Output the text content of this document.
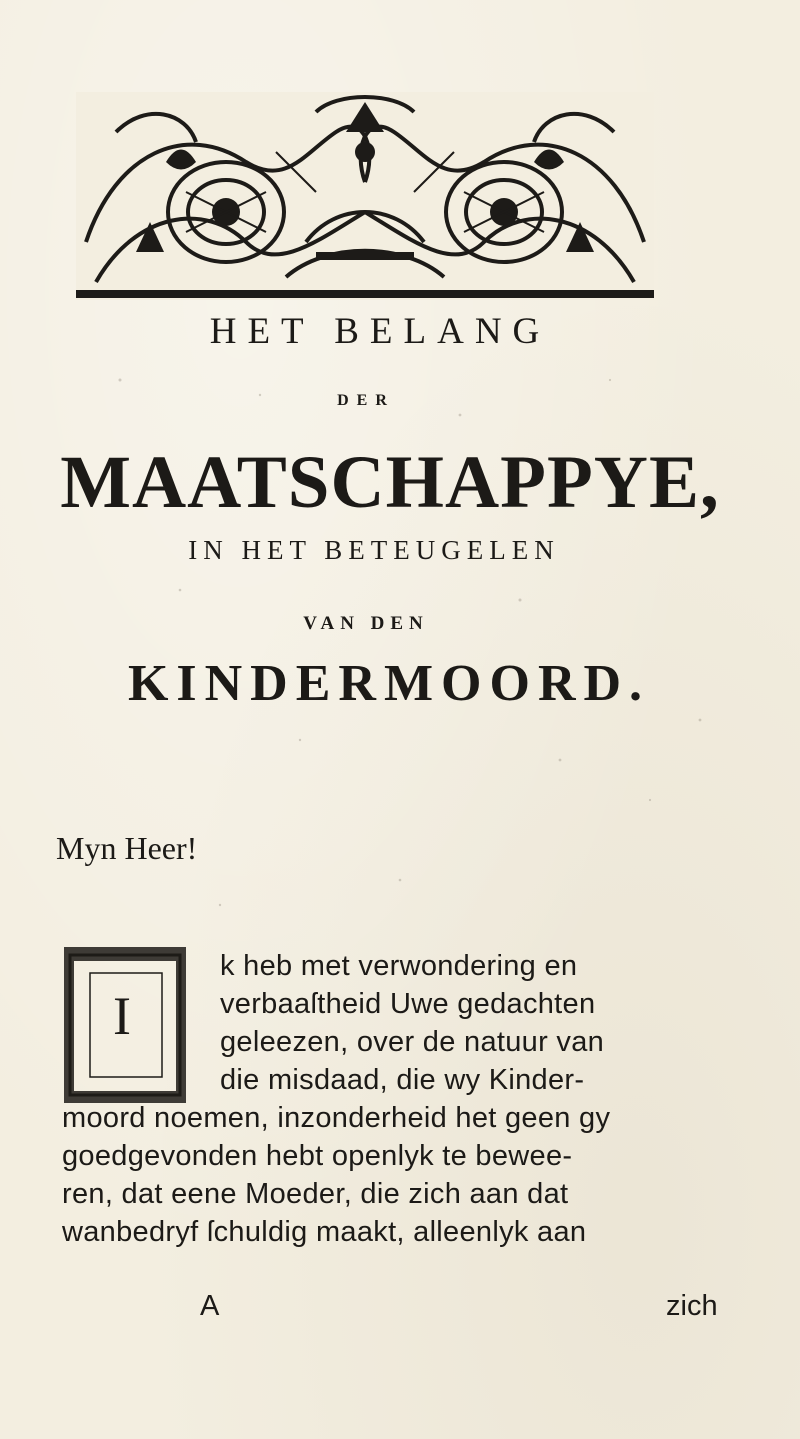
HET BELANG
DER
MAATSCHAPPYE,
IN HET BETEUGELEN
VAN DEN
KINDERMOORD.
Myn Heer!
I
k heb met verwondering en
verbaaſtheid Uwe gedachten
geleezen, over de natuur van
die misdaad, die wy Kinder-
moord noemen, inzonderheid het geen gy
goedgevonden hebt openlyk te bewee-
ren, dat eene Moeder, die zich aan dat
wanbedryf ſchuldig maakt, alleenlyk aan
A	zich
